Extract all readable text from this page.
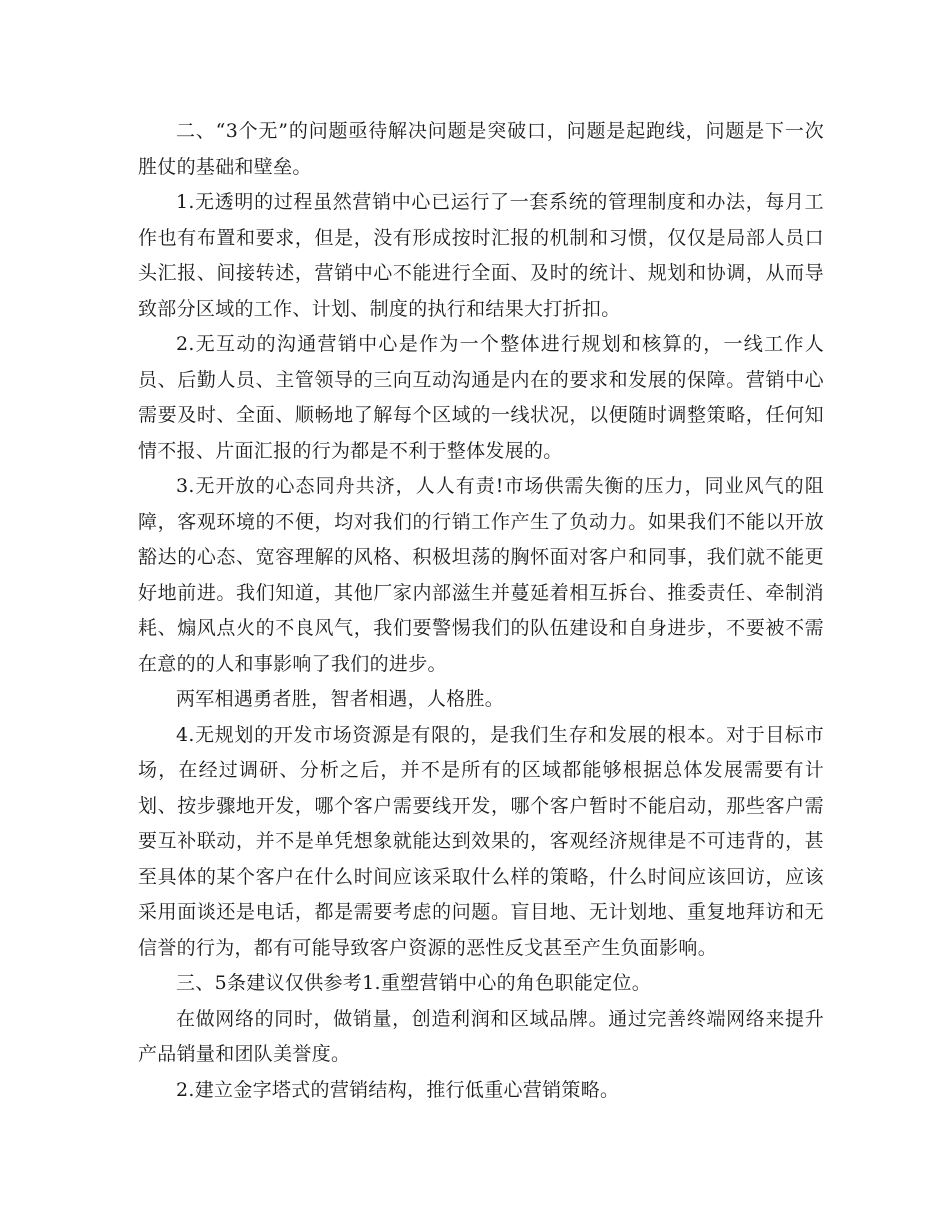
二、“3个无”的问题亟待解决问题是突破口，问题是起跑线，问题是下一次胜仗的基础和壁垒。

1.无透明的过程虽然营销中心已运行了一套系统的管理制度和办法，每月工作也有布置和要求，但是，没有形成按时汇报的机制和习惯，仅仅是局部人员口头汇报、间接转述，营销中心不能进行全面、及时的统计、规划和协调，从而导致部分区域的工作、计划、制度的执行和结果大打折扣。

2.无互动的沟通营销中心是作为一个整体进行规划和核算的，一线工作人员、后勤人员、主管领导的三向互动沟通是内在的要求和发展的保障。营销中心需要及时、全面、顺畅地了解每个区域的一线状况，以便随时调整策略，任何知情不报、片面汇报的行为都是不利于整体发展的。

3.无开放的心态同舟共济，人人有责!市场供需失衡的压力，同业风气的阻障，客观环境的不便，均对我们的行销工作产生了负动力。如果我们不能以开放豁达的心态、宽容理解的风格、积极坦荡的胸怀面对客户和同事，我们就不能更好地前进。我们知道，其他厂家内部滋生并蔓延着相互拆台、推委责任、牵制消耗、煽风点火的不良风气，我们要警惕我们的队伍建设和自身进步，不要被不需在意的的人和事影响了我们的进步。

两军相遇勇者胜，智者相遇，人格胜。

4.无规划的开发市场资源是有限的，是我们生存和发展的根本。对于目标市场，在经过调研、分析之后，并不是所有的区域都能够根据总体发展需要有计划、按步骤地开发，哪个客户需要线开发，哪个客户暂时不能启动，那些客户需要互补联动，并不是单凭想象就能达到效果的，客观经济规律是不可违背的，甚至具体的某个客户在什么时间应该采取什么样的策略，什么时间应该回访，应该采用面谈还是电话，都是需要考虑的问题。盲目地、无计划地、重复地拜访和无信誉的行为，都有可能导致客户资源的恶性反戈甚至产生负面影响。

三、5条建议仅供参考1.重塑营销中心的角色职能定位。

在做网络的同时，做销量，创造利润和区域品牌。通过完善终端网络来提升产品销量和团队美誉度。

2.建立金字塔式的营销结构，推行低重心营销策略。
